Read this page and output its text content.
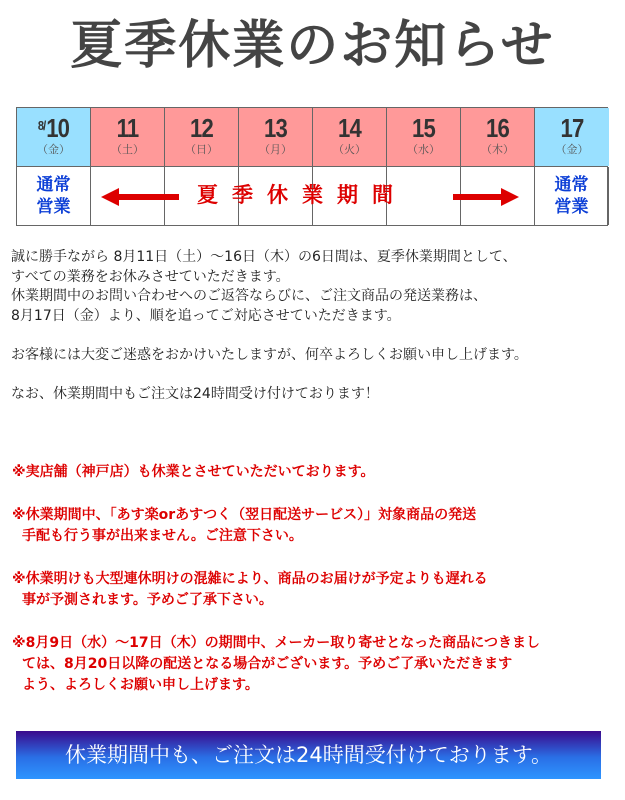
夏季休業のお知らせ
$^{8/}$10
（金）
11
（土）
12
（日）
13
（月）
14
（火）
15
（水）
16
（木）
17
（金）
通常
営業
通常
営業
夏季休業期間

誠に勝手ながら 8月11日（土）～16日（木）の6日間は、夏季休業期間として、

すべての業務をお休みさせていただきます。

休業期間中のお問い合わせへのご返答ならびに、ご注文商品の発送業務は、

8月17日（金）より、順を追ってご対応させていただきます。

お客様には大変ご迷惑をおかけいたしますが、何卒よろしくお願い申し上げます。

なお、休業期間中もご注文は24時間受け付けております！

※実店舗（神戸店）も休業とさせていただいております。
※休業期間中、「あす楽orあすつく（翌日配送サービス）」対象商品の発送
手配も行う事が出来ません。ご注意下さい。
※休業明けも大型連休明けの混雑により、商品のお届けが予定よりも遅れる
事が予測されます。予めご了承下さい。
※8月9日（水）～17日（木）の期間中、メーカー取り寄せとなった商品につきまし
ては、8月20日以降の配送となる場合がございます。予めご了承いただきます
よう、よろしくお願い申し上げます。
休業期間中も、ご注文は24時間受付けております。
